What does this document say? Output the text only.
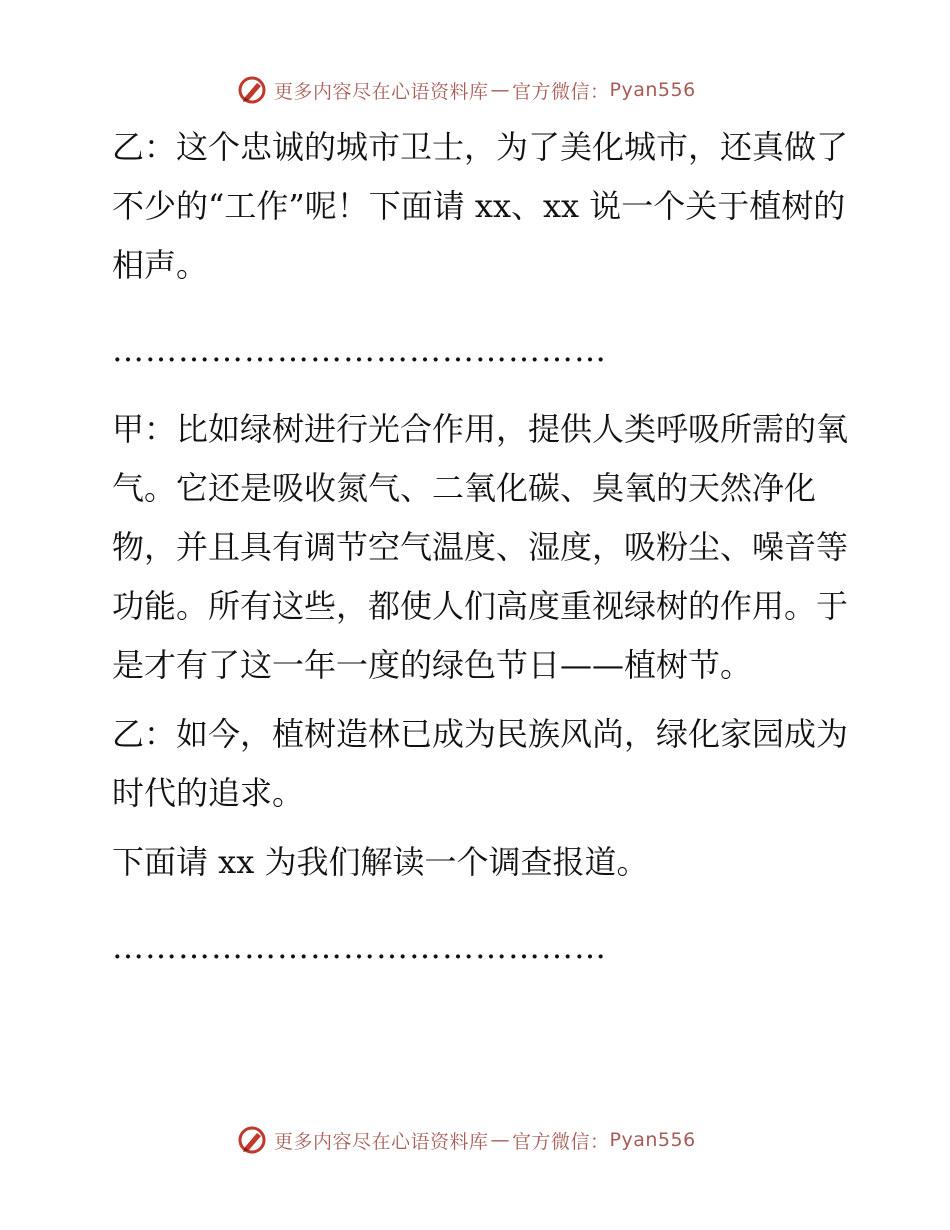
更多内容尽在心语资料库 — 官方微信： Pyan556

乙：这个忠诚的城市卫士，为了美化城市，还真做了不少的“工作”呢！下面请 xx、xx 说一个关于植树的相声。

………………………………………

甲：比如绿树进行光合作用，提供人类呼吸所需的氧气。它还是吸收氮气、二氧化碳、臭氧的天然净化物，并且具有调节空气温度、湿度，吸粉尘、噪音等功能。所有这些，都使人们高度重视绿树的作用。于是才有了这一年一度的绿色节日——植树节。

乙：如今，植树造林已成为民族风尚，绿化家园成为时代的追求。

下面请 xx 为我们解读一个调查报道。

………………………………………

更多内容尽在心语资料库 — 官方微信： Pyan556
